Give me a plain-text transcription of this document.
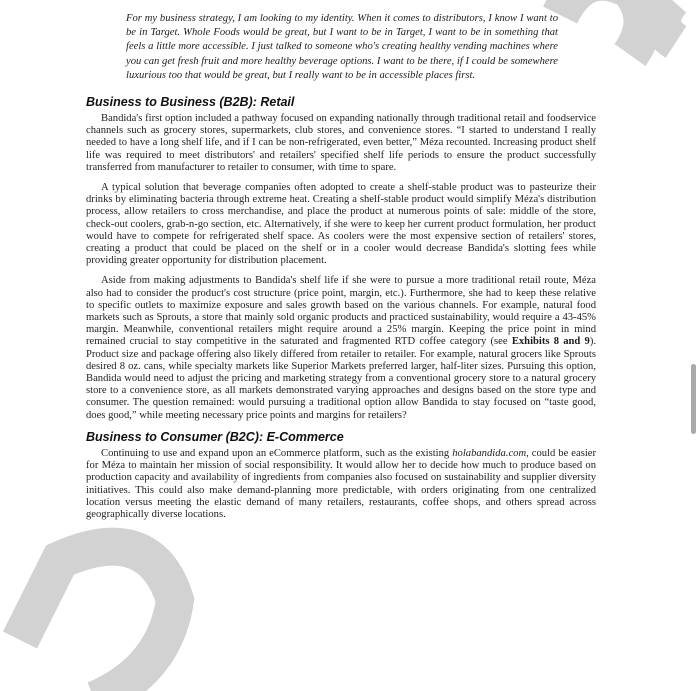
For my business strategy, I am looking to my identity. When it comes to distributors, I know I want to be in Target. Whole Foods would be great, but I want to be in Target, I want to be in something that feels a little more accessible. I just talked to someone who's creating healthy vending machines where you can get fresh fruit and more healthy beverage options. I want to be there, if I could be somewhere luxurious too that would be great, but I really want to be in accessible places first.
Business to Business (B2B): Retail

Bandida's first option included a pathway focused on expanding nationally through traditional retail and foodservice channels such as grocery stores, supermarkets, club stores, and convenience stores. “I started to understand I really needed to have a long shelf life, and if I can be non-refrigerated, even better,” Méza recounted. Increasing product shelf life was required to meet distributors' and retailers' specified shelf life periods to ensure the product successfully transferred from manufacturer to retailer to consumer, with time to spare.

A typical solution that beverage companies often adopted to create a shelf-stable product was to pasteurize their drinks by eliminating bacteria through extreme heat. Creating a shelf-stable product would simplify Méza's distribution process, allow retailers to cross merchandise, and place the product at numerous points of sale: middle of the store, check-out coolers, grab-n-go section, etc. Alternatively, if she were to keep her current product formulation, her product would have to compete for refrigerated shelf space. As coolers were the most expensive section of retailers' stores, creating a product that could be placed on the shelf or in a cooler would decrease Bandida's slotting fees while providing greater opportunity for distribution placement.

Aside from making adjustments to Bandida's shelf life if she were to pursue a more traditional retail route, Méza also had to consider the product's cost structure (price point, margin, etc.). Furthermore, she had to keep these relative to specific outlets to maximize exposure and sales growth based on the various channels. For example, natural food markets such as Sprouts, a store that mainly sold organic products and practiced sustainability, would require a 43-45% margin. Meanwhile, conventional retailers might require around a 25% margin. Keeping the price point in mind remained crucial to stay competitive in the saturated and fragmented RTD coffee category (see Exhibits 8 and 9). Product size and package offering also likely differed from retailer to retailer. For example, natural grocers like Sprouts desired 8 oz. cans, while specialty markets like Superior Markets preferred larger, half-liter sizes. Pursuing this option, Bandida would need to adjust the pricing and marketing strategy from a conventional grocery store to a natural grocery store to a convenience store, as all markets demonstrated varying approaches and designs based on the store type and consumer. The question remained: would pursuing a traditional option allow Bandida to stay focused on “taste good, does good,” while meeting necessary price points and margins for retailers?

Business to Consumer (B2C): E-Commerce

Continuing to use and expand upon an eCommerce platform, such as the existing holabandida.com, could be easier for Méza to maintain her mission of social responsibility. It would allow her to decide how much to produce based on production capacity and availability of ingredients from companies also focused on sustainability and supplier diversity initiatives. This could also make demand-planning more predictable, with orders originating from one centralized location versus meeting the elastic demand of many retailers, restaurants, coffee shops, and others spread across geographically diverse locations.
